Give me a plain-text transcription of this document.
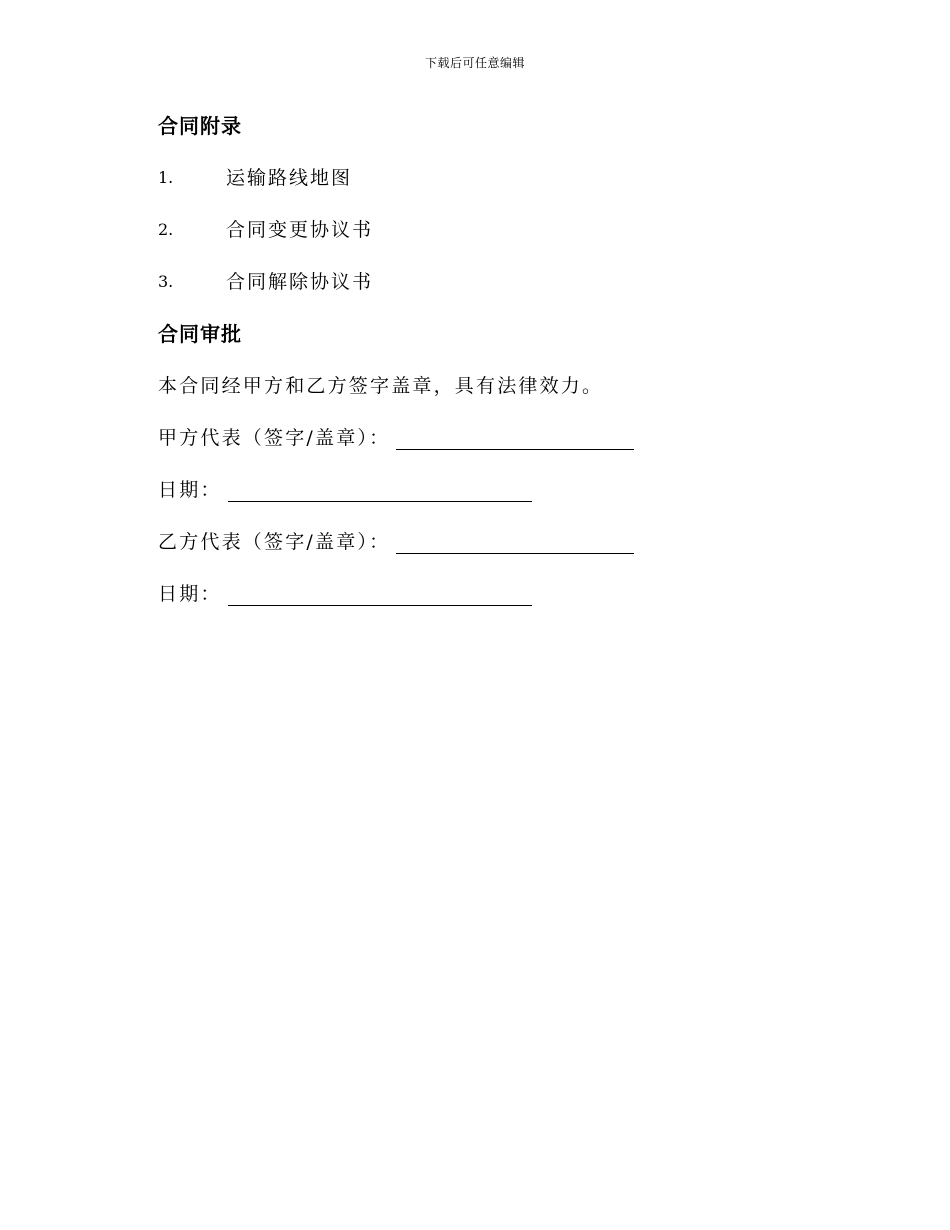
下载后可任意编辑
合同附录
1.	运输路线地图
2.	合同变更协议书
3.	合同解除协议书
合同审批
本合同经甲方和乙方签字盖章，具有法律效力。
甲方代表（签字/盖章）：
日期：
乙方代表（签字/盖章）：
日期：
